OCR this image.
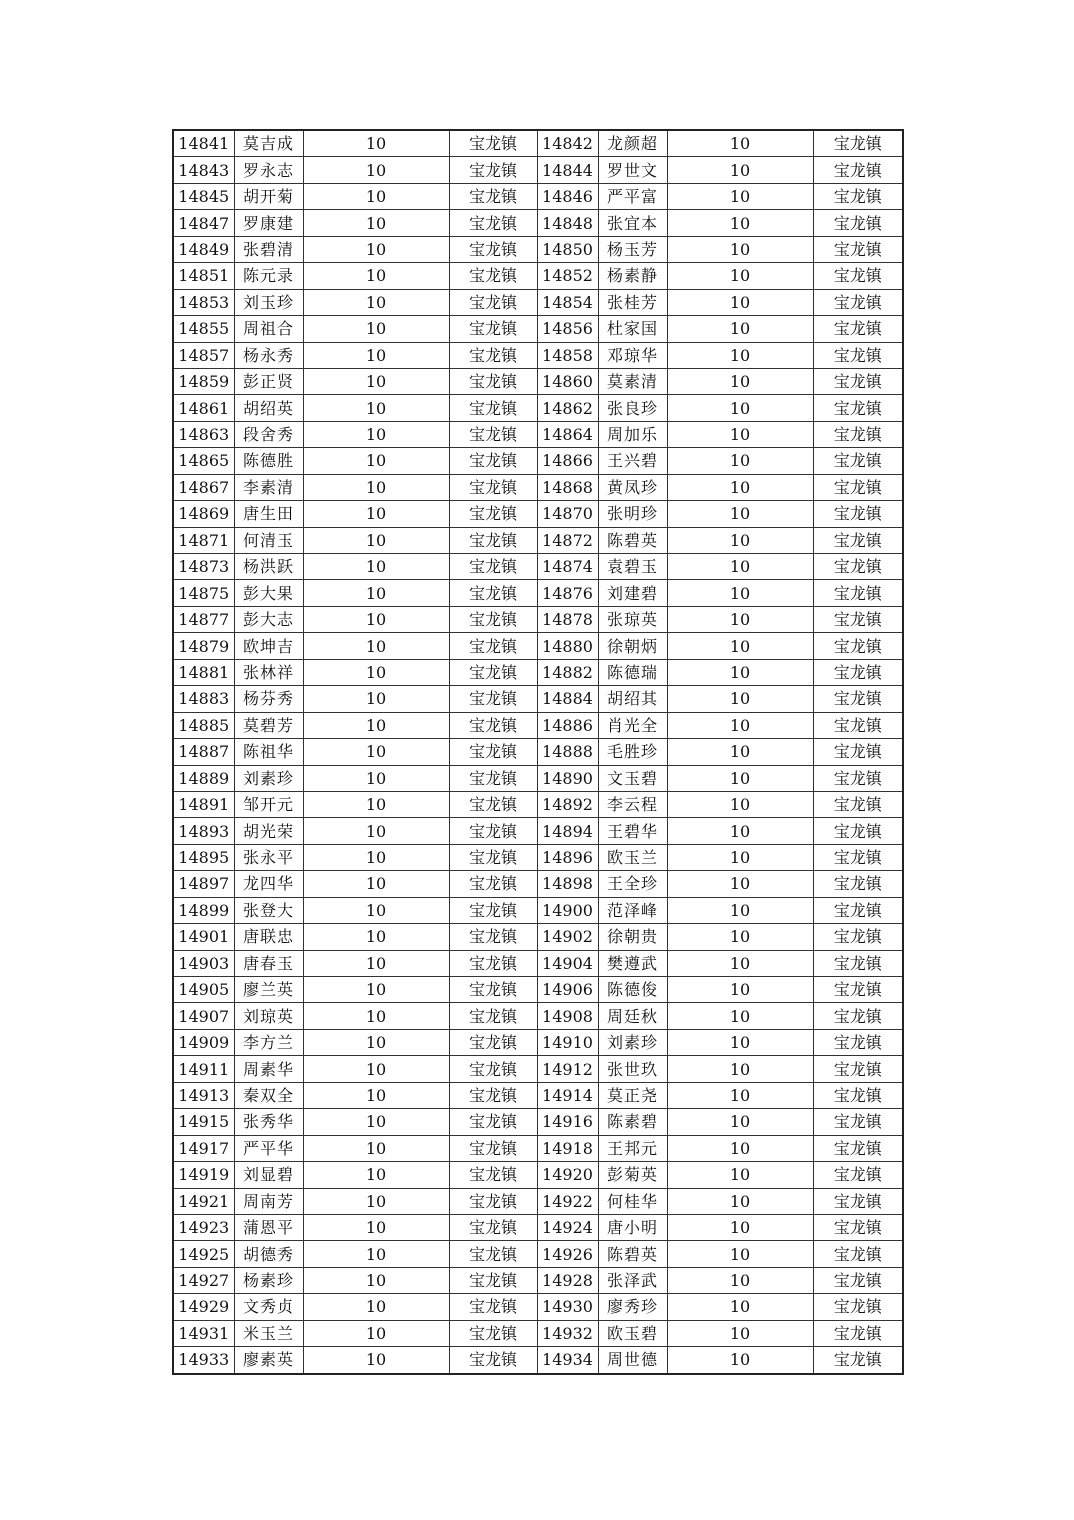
14841	莫吉成	10	宝龙镇	14842	龙颜超	10	宝龙镇
14843	罗永志	10	宝龙镇	14844	罗世文	10	宝龙镇
14845	胡开菊	10	宝龙镇	14846	严平富	10	宝龙镇
14847	罗康建	10	宝龙镇	14848	张宜本	10	宝龙镇
14849	张碧清	10	宝龙镇	14850	杨玉芳	10	宝龙镇
14851	陈元录	10	宝龙镇	14852	杨素静	10	宝龙镇
14853	刘玉珍	10	宝龙镇	14854	张桂芳	10	宝龙镇
14855	周祖合	10	宝龙镇	14856	杜家国	10	宝龙镇
14857	杨永秀	10	宝龙镇	14858	邓琼华	10	宝龙镇
14859	彭正贤	10	宝龙镇	14860	莫素清	10	宝龙镇
14861	胡绍英	10	宝龙镇	14862	张良珍	10	宝龙镇
14863	段舍秀	10	宝龙镇	14864	周加乐	10	宝龙镇
14865	陈德胜	10	宝龙镇	14866	王兴碧	10	宝龙镇
14867	李素清	10	宝龙镇	14868	黄凤珍	10	宝龙镇
14869	唐生田	10	宝龙镇	14870	张明珍	10	宝龙镇
14871	何清玉	10	宝龙镇	14872	陈碧英	10	宝龙镇
14873	杨洪跃	10	宝龙镇	14874	袁碧玉	10	宝龙镇
14875	彭大果	10	宝龙镇	14876	刘建碧	10	宝龙镇
14877	彭大志	10	宝龙镇	14878	张琼英	10	宝龙镇
14879	欧坤吉	10	宝龙镇	14880	徐朝炳	10	宝龙镇
14881	张林祥	10	宝龙镇	14882	陈德瑞	10	宝龙镇
14883	杨芬秀	10	宝龙镇	14884	胡绍其	10	宝龙镇
14885	莫碧芳	10	宝龙镇	14886	肖光全	10	宝龙镇
14887	陈祖华	10	宝龙镇	14888	毛胜珍	10	宝龙镇
14889	刘素珍	10	宝龙镇	14890	文玉碧	10	宝龙镇
14891	邹开元	10	宝龙镇	14892	李云程	10	宝龙镇
14893	胡光荣	10	宝龙镇	14894	王碧华	10	宝龙镇
14895	张永平	10	宝龙镇	14896	欧玉兰	10	宝龙镇
14897	龙四华	10	宝龙镇	14898	王全珍	10	宝龙镇
14899	张登大	10	宝龙镇	14900	范泽峰	10	宝龙镇
14901	唐联忠	10	宝龙镇	14902	徐朝贵	10	宝龙镇
14903	唐春玉	10	宝龙镇	14904	樊遵武	10	宝龙镇
14905	廖兰英	10	宝龙镇	14906	陈德俊	10	宝龙镇
14907	刘琼英	10	宝龙镇	14908	周廷秋	10	宝龙镇
14909	李方兰	10	宝龙镇	14910	刘素珍	10	宝龙镇
14911	周素华	10	宝龙镇	14912	张世玖	10	宝龙镇
14913	秦双全	10	宝龙镇	14914	莫正尧	10	宝龙镇
14915	张秀华	10	宝龙镇	14916	陈素碧	10	宝龙镇
14917	严平华	10	宝龙镇	14918	王邦元	10	宝龙镇
14919	刘显碧	10	宝龙镇	14920	彭菊英	10	宝龙镇
14921	周南芳	10	宝龙镇	14922	何桂华	10	宝龙镇
14923	蒲恩平	10	宝龙镇	14924	唐小明	10	宝龙镇
14925	胡德秀	10	宝龙镇	14926	陈碧英	10	宝龙镇
14927	杨素珍	10	宝龙镇	14928	张泽武	10	宝龙镇
14929	文秀贞	10	宝龙镇	14930	廖秀珍	10	宝龙镇
14931	米玉兰	10	宝龙镇	14932	欧玉碧	10	宝龙镇
14933	廖素英	10	宝龙镇	14934	周世德	10	宝龙镇
